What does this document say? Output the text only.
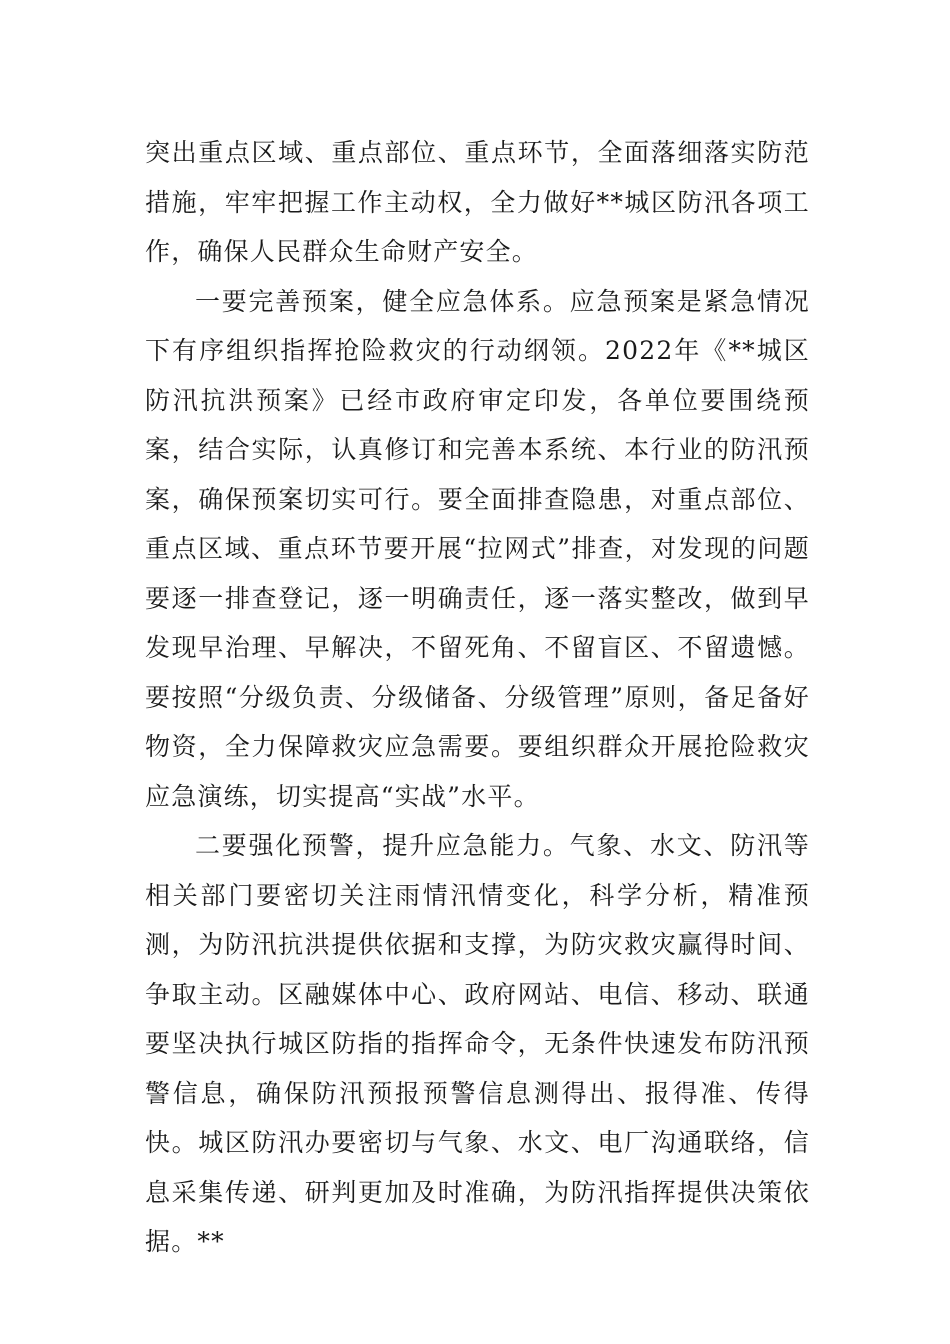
突出重点区域、重点部位、重点环节，全面落细落实防范措施，牢牢把握工作主动权，全力做好**城区防汛各项工作，确保人民群众生命财产安全。

一要完善预案，健全应急体系。应急预案是紧急情况下有序组织指挥抢险救灾的行动纲领。2022年《**城区防汛抗洪预案》已经市政府审定印发，各单位要围绕预案，结合实际，认真修订和完善本系统、本行业的防汛预案，确保预案切实可行。要全面排查隐患，对重点部位、重点区域、重点环节要开展“拉网式”排查，对发现的问题要逐一排查登记，逐一明确责任，逐一落实整改，做到早发现早治理、早解决，不留死角、不留盲区、不留遗憾。要按照“分级负责、分级储备、分级管理”原则，备足备好物资，全力保障救灾应急需要。要组织群众开展抢险救灾应急演练，切实提高“实战”水平。

二要强化预警，提升应急能力。气象、水文、防汛等相关部门要密切关注雨情汛情变化，科学分析，精准预测，为防汛抗洪提供依据和支撑，为防灾救灾赢得时间、争取主动。区融媒体中心、政府网站、电信、移动、联通要坚决执行城区防指的指挥命令，无条件快速发布防汛预警信息，确保防汛预报预警信息测得出、报得准、传得快。城区防汛办要密切与气象、水文、电厂沟通联络，信息采集传递、研判更加及时准确，为防汛指挥提供决策依据。**
